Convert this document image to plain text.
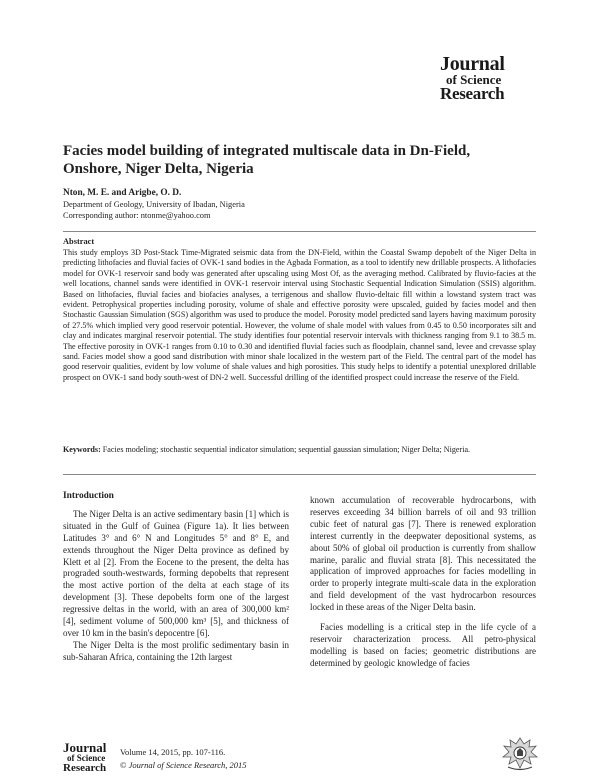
Journal
of Science
Research
Facies model building of integrated multiscale data in Dn-Field,
Onshore, Niger Delta, Nigeria
Nton, M. E. and Arigbe, O. D.
Department of Geology, University of Ibadan, Nigeria
Corresponding author: ntonme@yahoo.com
Abstract
This study employs 3D Post-Stack Time-Migrated seismic data from the DN-Field, within the Coastal Swamp depobelt of the Niger Delta in predicting lithofacies and fluvial facies of OVK-1 sand bodies in the Agbada Formation, as a tool to identify new drillable prospects. A lithofacies model for OVK-1 reservoir sand body was generated after upscaling using Most Of, as the averaging method. Calibrated by fluvio-facies at the well locations, channel sands were identified in OVK-1 reservoir interval using Stochastic Sequential Indication Simulation (SSIS) algorithm. Based on lithofacies, fluvial facies and biofacies analyses, a terrigenous and shallow fluvio-deltaic fill within a lowstand system tract was evident. Petrophysical properties including porosity, volume of shale and effective porosity were upscaled, guided by facies model and then Stochastic Gaussian Simulation (SGS) algorithm was used to produce the model. Porosity model predicted sand layers having maximum porosity of 27.5% which implied very good reservoir potential. However, the volume of shale model with values from 0.45 to 0.50 incorporates silt and clay and indicates marginal reservoir potential. The study identifies four potential reservoir intervals with thickness ranging from 9.1 to 38.5 m. The effective porosity in OVK-1 ranges from 0.10 to 0.30 and identified fluvial facies such as floodplain, channel sand, levee and crevasse splay sand. Facies model show a good sand distribution with minor shale localized in the western part of the Field. The central part of the model has good reservoir qualities, evident by low volume of shale values and high porosities. This study helps to identify a potential unexplored drillable prospect on OVK-1 sand body south-west of DN-2 well. Successful drilling of the identified prospect could increase the reserve of the Field.
Keywords: Facies modeling; stochastic sequential indicator simulation; sequential gaussian simulation; Niger Delta; Nigeria.
Introduction

The Niger Delta is an active sedimentary basin [1] which is situated in the Gulf of Guinea (Figure 1a). It lies between Latitudes 3° and 6° N and Longitudes 5° and 8° E, and extends throughout the Niger Delta province as defined by Klett et al [2]. From the Eocene to the present, the delta has prograded south-westwards, forming depobelts that represent the most active portion of the delta at each stage of its development [3]. These depobelts form one of the largest regressive deltas in the world, with an area of 300,000 km² [4], sediment volume of 500,000 km³ [5], and thickness of over 10 km in the basin's depocentre [6].

The Niger Delta is the most prolific sedimentary basin in sub-Saharan Africa, containing the 12th largest

known accumulation of recoverable hydrocarbons, with reserves exceeding 34 billion barrels of oil and 93 trillion cubic feet of natural gas [7]. There is renewed exploration interest currently in the deepwater depositional systems, as about 50% of global oil production is currently from shallow marine, paralic and fluvial strata [8]. This necessitated the application of improved approaches for facies modelling in order to properly integrate multi-scale data in the exploration and field development of the vast hydrocarbon resources locked in these areas of the Niger Delta basin.

Facies modelling is a critical step in the life cycle of a reservoir characterization process. All petro-physical modelling is based on facies; geometric distributions are determined by geologic knowledge of facies

Journal
of Science
Research
Volume 14, 2015, pp. 107-116.
© Journal of Science Research, 2015
